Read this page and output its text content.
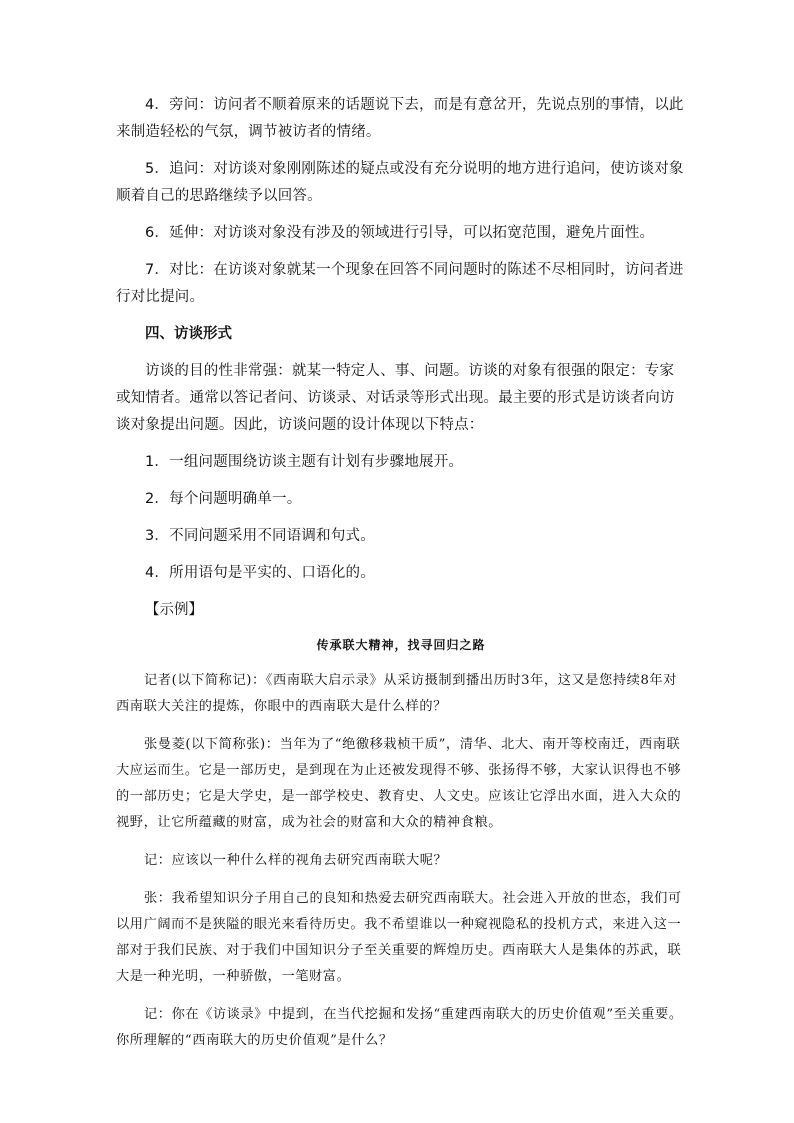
4．旁问：访问者不顺着原来的话题说下去，而是有意岔开，先说点别的事情，以此来制造轻松的气氛，调节被访者的情绪。

5．追问：对访谈对象刚刚陈述的疑点或没有充分说明的地方进行追问，使访谈对象顺着自己的思路继续予以回答。

6．延伸：对访谈对象没有涉及的领域进行引导，可以拓宽范围，避免片面性。

7．对比：在访谈对象就某一个现象在回答不同问题时的陈述不尽相同时，访问者进行对比提问。

四、访谈形式

访谈的目的性非常强：就某一特定人、事、问题。访谈的对象有很强的限定：专家或知情者。通常以答记者问、访谈录、对话录等形式出现。最主要的形式是访谈者向访谈对象提出问题。因此，访谈问题的设计体现以下特点：

1．一组问题围绕访谈主题有计划有步骤地展开。

2．每个问题明确单一。

3．不同问题采用不同语调和句式。

4．所用语句是平实的、口语化的。

【示例】

传承联大精神，找寻回归之路

记者(以下简称记)：《西南联大启示录》从采访摄制到播出历时3年，这又是您持续8年对西南联大关注的提炼，你眼中的西南联大是什么样的？

张曼菱(以下简称张)：当年为了“绝徼移栽桢干质”，清华、北大、南开等校南迁，西南联大应运而生。它是一部历史，是到现在为止还被发现得不够、张扬得不够，大家认识得也不够的一部历史；它是大学史，是一部学校史、教育史、人文史。应该让它浮出水面，进入大众的视野，让它所蕴藏的财富，成为社会的财富和大众的精神食粮。

记：应该以一种什么样的视角去研究西南联大呢？

张：我希望知识分子用自己的良知和热爱去研究西南联大。社会进入开放的世态，我们可以用广阔而不是狭隘的眼光来看待历史。我不希望谁以一种窥视隐私的投机方式，来进入这一部对于我们民族、对于我们中国知识分子至关重要的辉煌历史。西南联大人是集体的苏武，联大是一种光明，一种骄傲，一笔财富。

记：你在《访谈录》中提到，在当代挖掘和发扬“重建西南联大的历史价值观”至关重要。你所理解的“西南联大的历史价值观”是什么？
